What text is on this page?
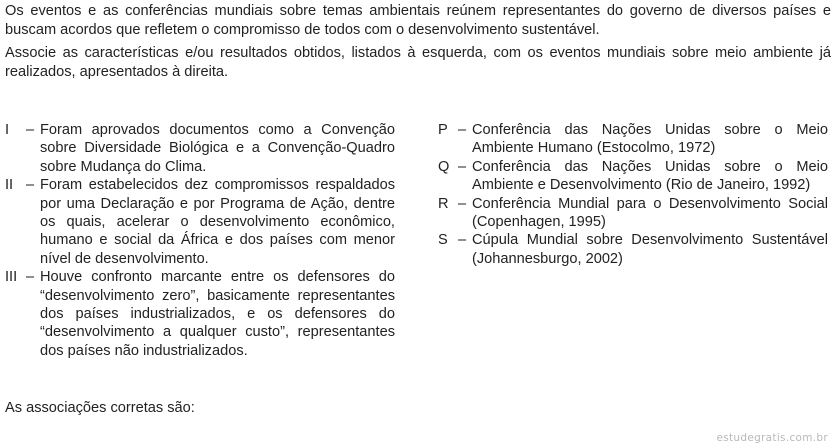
Os eventos e as conferências mundiais sobre temas ambientais reúnem representantes do governo de diversos países e buscam acordos que refletem o compromisso de todos com o desenvolvimento sustentável.

Associe as características e/ou resultados obtidos, listados à esquerda, com os eventos mundiais sobre meio ambiente já realizados, apresentados à direita.

I	– Foram aprovados documentos como a Convenção sobre Diversidade Biológica e a Convenção-Quadro sobre Mudança do Clima.
II – Foram estabelecidos dez compromissos respaldados por uma Declaração e por Programa de Ação, dentre os quais, acelerar o desenvolvimento econômico, humano e social da África e dos países com menor nível de desenvolvimento.
III – Houve confronto marcante entre os defensores do “desenvolvimento zero”, basicamente representantes dos países industrializados, e os defensores do “desenvolvimento a qualquer custo”, representantes dos países não industrializados.
P – Conferência das Nações Unidas sobre o Meio Ambiente Humano (Estocolmo, 1972)
Q – Conferência das Nações Unidas sobre o Meio Ambiente e Desenvolvimento (Rio de Janeiro, 1992)
R – Conferência Mundial para o Desenvolvimento Social (Copenhagen, 1995)
S – Cúpula Mundial sobre Desenvolvimento Sustentável (Johannesburgo, 2002)
As associações corretas são:
estudegratis.com.br
